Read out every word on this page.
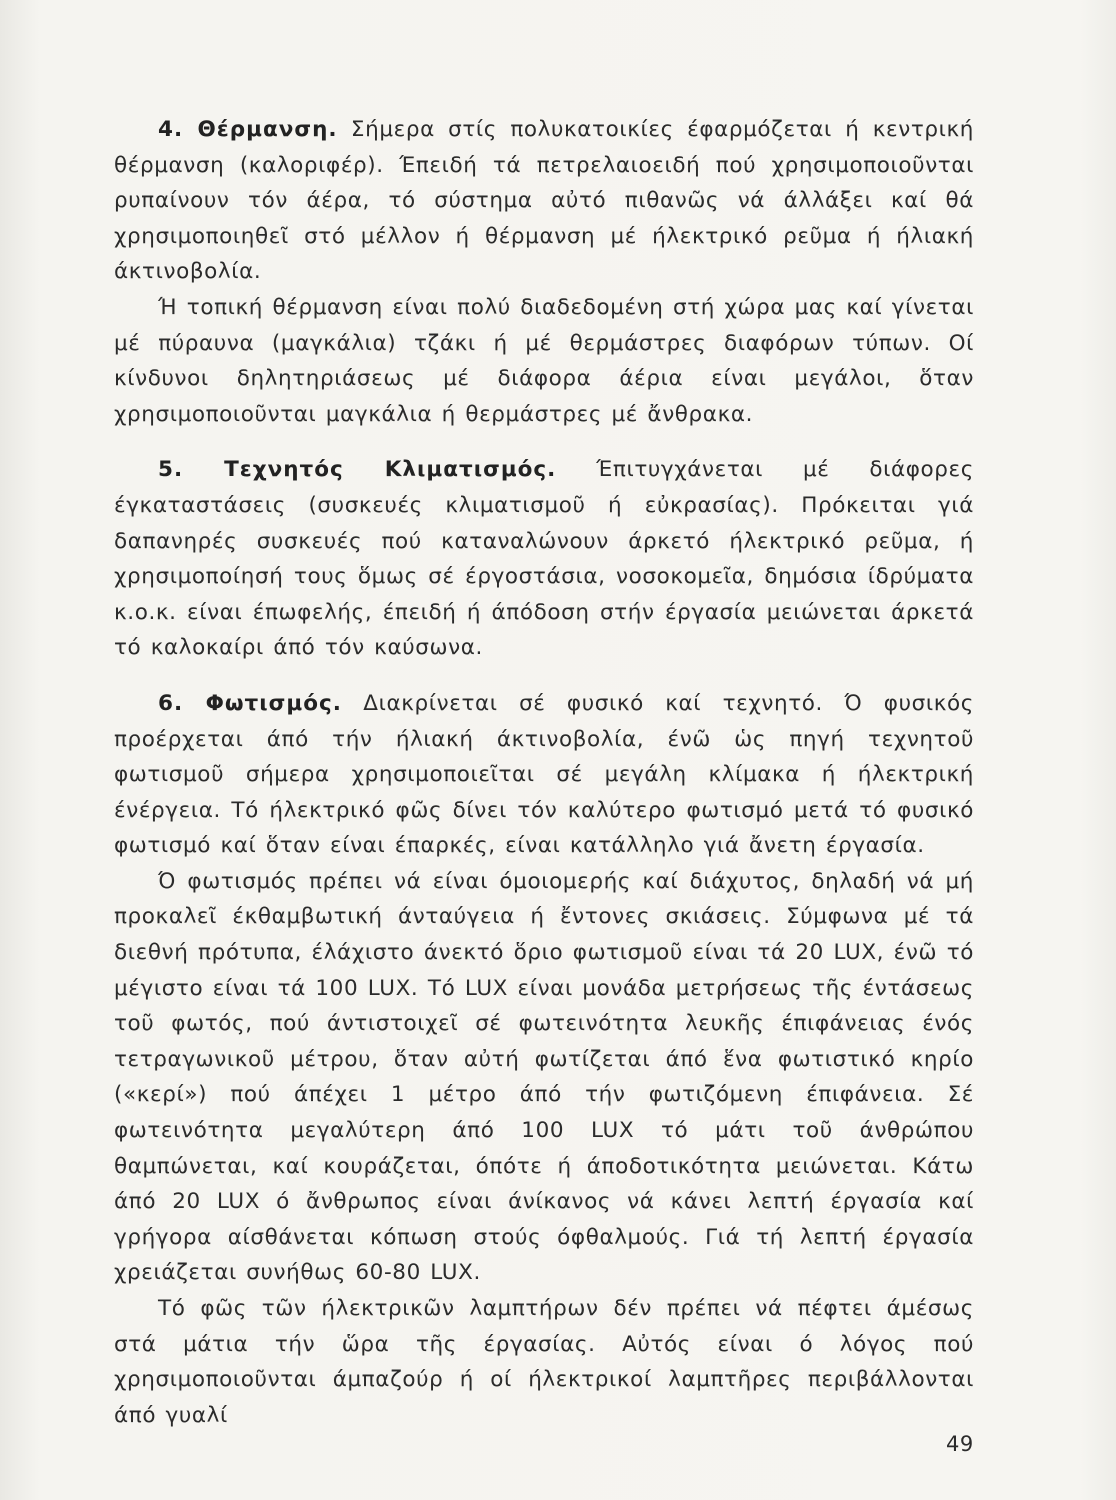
4. Θέρμανση. Σήμερα στίς πολυκατοικίες έφαρμόζεται ή κεντρική θέρμανση (καλοριφέρ). Έπειδή τά πετρελαιοειδή πού χρησιμοποιοῦνται ρυπαίνουν τόν άέρα, τό σύστημα αὐτό πιθανῶς νά άλλάξει καί θά χρησιμοποιηθεῖ στό μέλλον ή θέρμανση μέ ήλεκτρικό ρεῦμα ή ήλιακή άκτινοβολία.

Ή τοπική θέρμανση είναι πολύ διαδεδομένη στή χώρα μας καί γίνεται μέ πύραυνα (μαγκάλια) τζάκι ή μέ θερμάστρες διαφόρων τύπων. Οί κίνδυνοι δηλητηριάσεως μέ διάφορα άέρια είναι μεγάλοι, ὅταν χρησιμοποιοῦνται μαγκάλια ή θερμάστρες μέ ἄνθρακα.

5. Τεχνητός Κλιματισμός. Έπιτυγχάνεται μέ διάφορες έγκαταστάσεις (συσκευές κλιματισμοῦ ή εὐκρασίας). Πρόκειται γιά δαπανηρές συσκευές πού καταναλώνουν άρκετό ήλεκτρικό ρεῦμα, ή χρησιμοποίησή τους ὅμως σέ έργοστάσια, νοσοκομεῖα, δημόσια ίδρύματα κ.ο.κ. είναι έπωφελής, έπειδή ή άπόδοση στήν έργασία μειώνεται άρκετά τό καλοκαίρι άπό τόν καύσωνα.

6. Φωτισμός. Διακρίνεται σέ φυσικό καί τεχνητό. Ό φυσικός προέρχεται άπό τήν ήλιακή άκτινοβολία, ένῶ ὡς πηγή τεχνητοῦ φωτισμοῦ σήμερα χρησιμοποιεῖται σέ μεγάλη κλίμακα ή ήλεκτρική ένέργεια. Τό ήλεκτρικό φῶς δίνει τόν καλύτερο φωτισμό μετά τό φυσικό φωτισμό καί ὅταν είναι έπαρκές, είναι κατάλληλο γιά ἄνετη έργασία.

Ό φωτισμός πρέπει νά είναι όμοιομερής καί διάχυτος, δηλαδή νά μή προκαλεῖ έκθαμβωτική άνταύγεια ή ἔντονες σκιάσεις. Σύμφωνα μέ τά διεθνή πρότυπα, έλάχιστο άνεκτό ὅριο φωτισμοῦ είναι τά 20 LUX, ένῶ τό μέγιστο είναι τά 100 LUX. Τό LUX είναι μονάδα μετρήσεως τῆς έντάσεως τοῦ φωτός, πού άντιστοιχεῖ σέ φωτεινότητα λευκῆς έπιφάνειας ένός τετραγωνικοῦ μέτρου, ὅταν αὐτή φωτίζεται άπό ἕνα φωτιστικό κηρίο («κερί») πού άπέχει 1 μέτρο άπό τήν φωτιζόμενη έπιφάνεια. Σέ φωτεινότητα μεγαλύτερη άπό 100 LUX τό μάτι τοῦ άνθρώπου θαμπώνεται, καί κουράζεται, όπότε ή άποδοτικότητα μειώνεται. Κάτω άπό 20 LUX ό ἄνθρωπος είναι άνίκανος νά κάνει λεπτή έργασία καί γρήγορα αίσθάνεται κόπωση στούς όφθαλμούς. Γιά τή λεπτή έργασία χρειάζεται συνήθως 60-80 LUX.

Τό φῶς τῶν ήλεκτρικῶν λαμπτήρων δέν πρέπει νά πέφτει άμέσως στά μάτια τήν ὥρα τῆς έργασίας. Αὐτός είναι ό λόγος πού χρησιμοποιοῦνται άμπαζούρ ή οί ήλεκτρικοί λαμπτῆρες περιβάλλονται άπό γυαλί

49
